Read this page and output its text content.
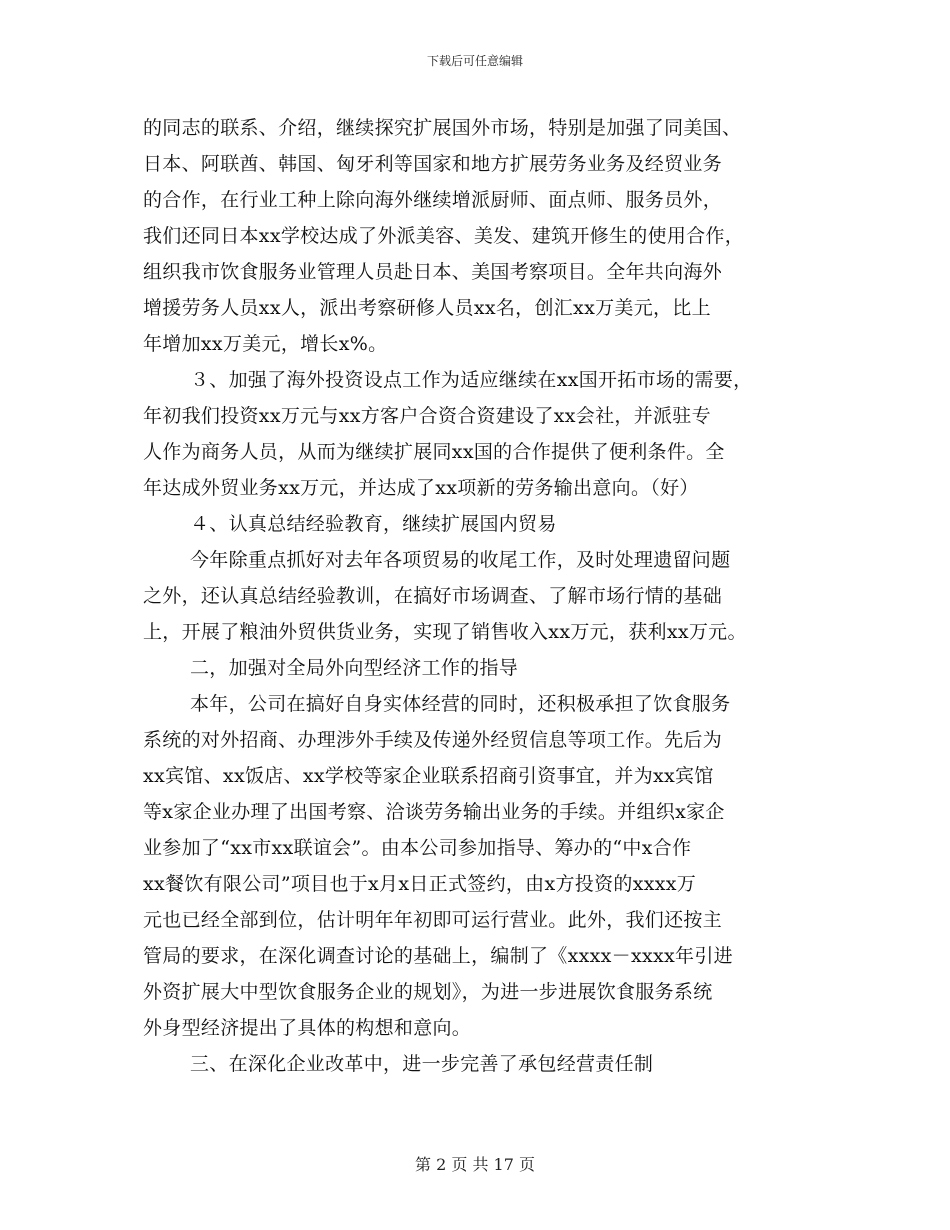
下载后可任意编辑
的同志的联系、介绍，继续探究扩展国外市场，特别是加强了同美国、
日本、阿联酋、韩国、匈牙利等国家和地方扩展劳务业务及经贸业务
的合作，在行业工种上除向海外继续增派厨师、面点师、服务员外，
我们还同日本xx学校达成了外派美容、美发、建筑开修生的使用合作，
组织我市饮食服务业管理人员赴日本、美国考察项目。全年共向海外
增援劳务人员xx人，派出考察研修人员xx名，创汇xx万美元，比上
年增加xx万美元，增长x%。
３、加强了海外投资设点工作为适应继续在xx国开拓市场的需要，
年初我们投资xx万元与xx方客户合资合资建设了xx会社，并派驻专
人作为商务人员，从而为继续扩展同xx国的合作提供了便利条件。全
年达成外贸业务xx万元，并达成了xx项新的劳务输出意向。（好）
４、认真总结经验教育，继续扩展国内贸易
今年除重点抓好对去年各项贸易的收尾工作，及时处理遗留问题
之外，还认真总结经验教训，在搞好市场调查、了解市场行情的基础
上，开展了粮油外贸供货业务，实现了销售收入xx万元，获利xx万元。
二，加强对全局外向型经济工作的指导
本年，公司在搞好自身实体经营的同时，还积极承担了饮食服务
系统的对外招商、办理涉外手续及传递外经贸信息等项工作。先后为
xx宾馆、xx饭店、xx学校等家企业联系招商引资事宜，并为xx宾馆
等x家企业办理了出国考察、洽谈劳务输出业务的手续。并组织x家企
业参加了“xx市xx联谊会”。由本公司参加指导、筹办的“中x合作
xx餐饮有限公司”项目也于x月x日正式签约，由x方投资的xxxx万
元也已经全部到位，估计明年年初即可运行营业。此外，我们还按主
管局的要求，在深化调查讨论的基础上，编制了《xxxx－xxxx年引进
外资扩展大中型饮食服务企业的规划》，为进一步进展饮食服务系统
外身型经济提出了具体的构想和意向。
三、在深化企业改革中，进一步完善了承包经营责任制
第 2 页 共 17 页
